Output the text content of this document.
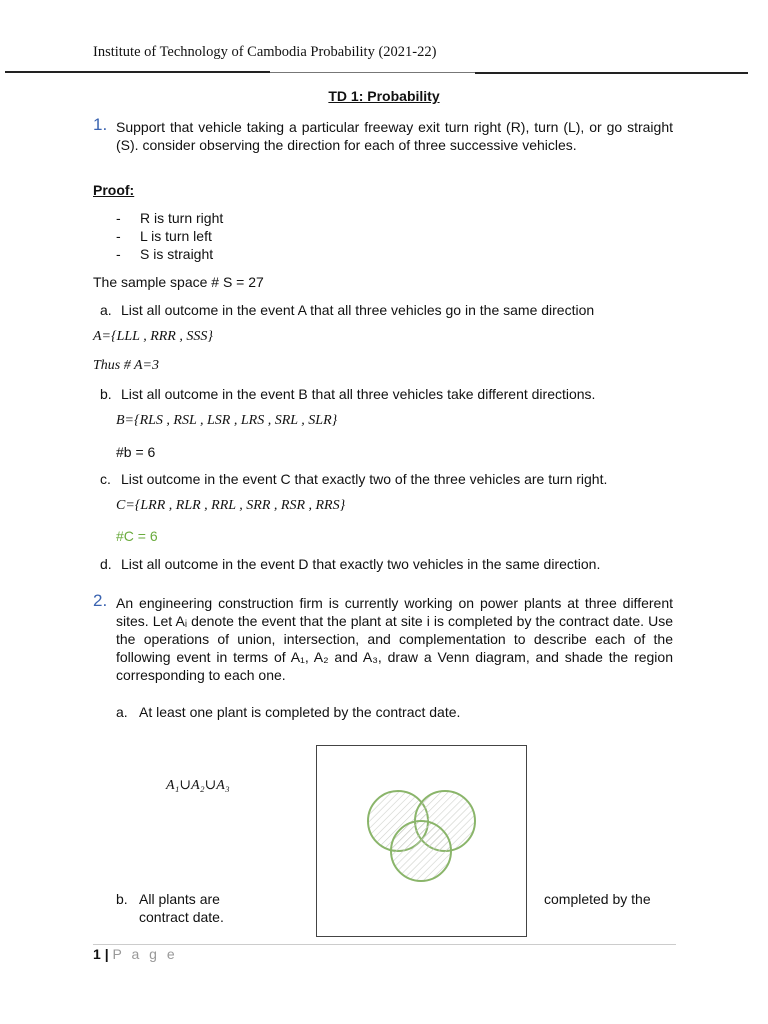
Institute of Technology of Cambodia Probability (2021-22)
TD 1: Probability
1. Support that vehicle taking a particular freeway exit turn right (R), turn (L), or go straight (S). consider observing the direction for each of three successive vehicles.
Proof:
- R is turn right
- L is turn left
- S is straight
The sample space # S = 27
a. List all outcome in the event A that all three vehicles go in the same direction
A={LLL , RRR , SSS}
Thus # A=3
b. List all outcome in the event B that all three vehicles take different directions.
B={RLS , RSL , LSR , LRS , SRL , SLR}
#b = 6
c. List outcome in the event C that exactly two of the three vehicles are turn right.
C={LRR , RLR , RRL , SRR , RSR , RRS}
#C = 6
d. List all outcome in the event D that exactly two vehicles in the same direction.
2. An engineering construction firm is currently working on power plants at three different sites. Let Aᵢ denote the event that the plant at site i is completed by the contract date. Use the operations of union, intersection, and complementation to describe each of the following event in terms of A₁, A₂ and A₃, draw a Venn diagram, and shade the region corresponding to each one.
a. At least one plant is completed by the contract date.
A₁∪A₂∪A₃
b. All plants are	completed by the
contract date.
1 | P a g e
